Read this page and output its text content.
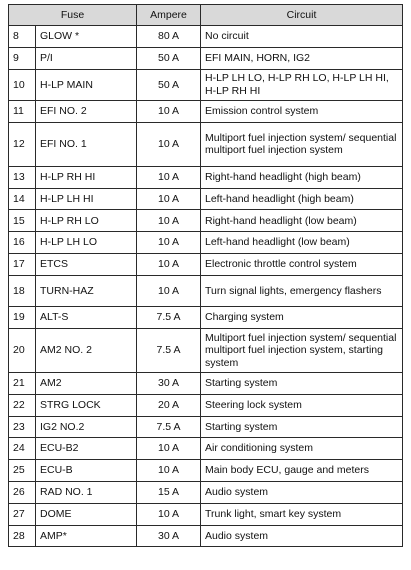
Fuse		Ampere	Circuit
8	GLOW *	80 A	No circuit
9	P/I	50 A	EFI MAIN, HORN, IG2
10	H-LP MAIN	50 A	H-LP LH LO, H-LP RH LO, H-LP LH HI, H-LP RH HI
11	EFI NO. 2	10 A	Emission control system
12	EFI NO. 1	10 A	Multiport fuel injection system/ sequential multiport fuel injection system
13	H-LP RH HI	10 A	Right-hand headlight (high beam)
14	H-LP LH HI	10 A	Left-hand headlight (high beam)
15	H-LP RH LO	10 A	Right-hand headlight (low beam)
16	H-LP LH LO	10 A	Left-hand headlight (low beam)
17	ETCS	10 A	Electronic throttle control system
18	TURN-HAZ	10 A	Turn signal lights, emergency flashers
19	ALT-S	7.5 A	Charging system
20	AM2 NO. 2	7.5 A	Multiport fuel injection system/ sequential multiport fuel injection system, starting system
21	AM2	30 A	Starting system
22	STRG LOCK	20 A	Steering lock system
23	IG2 NO.2	7.5 A	Starting system
24	ECU-B2	10 A	Air conditioning system
25	ECU-B	10 A	Main body ECU, gauge and meters
26	RAD NO. 1	15 A	Audio system
27	DOME	10 A	Trunk light, smart key system
28	AMP*	30 A	Audio system
